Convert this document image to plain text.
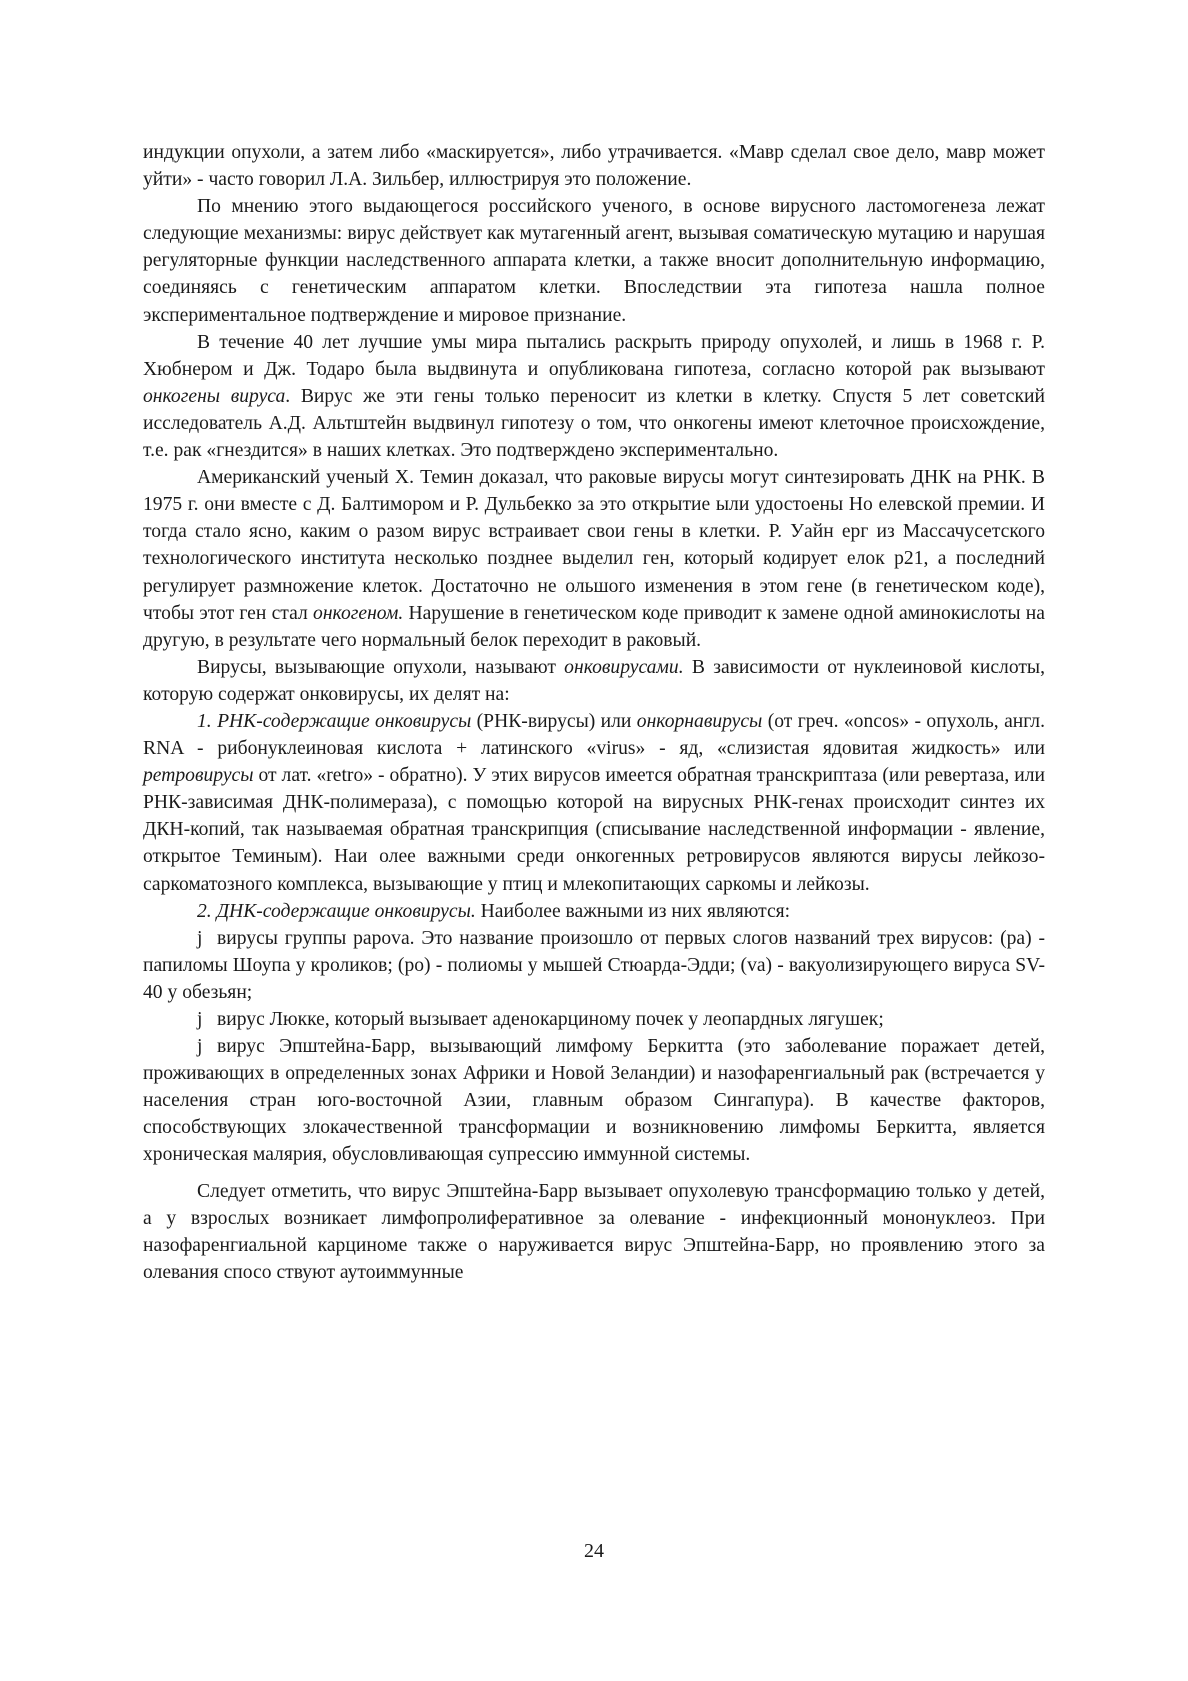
индукции опухоли, а затем либо «маскируется», либо утрачивается. «Мавр сделал свое дело, мавр может уйти» - часто говорил Л.А. Зильбер, иллюстрируя это положение.

По мнению этого выдающегося российского ученого, в основе вирусного ластомогенеза лежат следующие механизмы: вирус действует как мутагенный агент, вызывая соматическую мутацию и нарушая регуляторные функции наследственного аппарата клетки, а также вносит дополнительную информацию, соединяясь с генетическим аппаратом клетки. Впоследствии эта гипотеза нашла полное экспериментальное подтверждение и мировое признание.

В течение 40 лет лучшие умы мира пытались раскрыть природу опухолей, и лишь в 1968 г. Р. Хюбнером и Дж. Тодаро была выдвинута и опубликована гипотеза, согласно которой рак вызывают онкогены вируса. Вирус же эти гены только переносит из клетки в клетку. Спустя 5 лет советский исследователь А.Д. Альтштейн выдвинул гипотезу о том, что онкогены имеют клеточное происхождение, т.е. рак «гнездится» в наших клетках. Это подтверждено экспериментально.

Американский ученый Х. Темин доказал, что раковые вирусы могут синтезировать ДНК на РНК. В 1975 г. они вместе с Д. Балтимором и Р. Дульбекко за это открытие ыли удостоены Но елевской премии. И тогда стало ясно, каким о разом вирус встраивает свои гены в клетки. Р. Уайн ерг из Массачусетского технологического института несколько позднее выделил ген, который кодирует елок p21, а последний регулирует размножение клеток. Достаточно не ольшого изменения в этом гене (в генетическом коде), чтобы этот ген стал онкогеном. Нарушение в генетическом коде приводит к замене одной аминокислоты на другую, в результате чего нормальный белок переходит в раковый.

Вирусы, вызывающие опухоли, называют онковирусами. В зависимости от нуклеиновой кислоты, которую содержат онковирусы, их делят на:

1. РНК-содержащие онковирусы (РНК-вирусы) или онкорнавирусы (от греч. «oncos» - опухоль, англ. RNA - рибонуклеиновая кислота + латинского «virus» - яд, «слизистая ядовитая жидкость» или ретровирусы от лат. «retro» - обратно). У этих вирусов имеется обратная транскриптаза (или ревертаза, или РНК-зависимая ДНК-полимераза), с помощью которой на вирусных РНК-генах происходит синтез их ДКН-копий, так называемая обратная транскрипция (списывание наследственной информации - явление, открытое Теминым). Наи олее важными среди онкогенных ретровирусов являются вирусы лейкозо-саркоматозного комплекса, вызывающие у птиц и млекопитающих саркомы и лейкозы.

2. ДНК-содержащие онковирусы. Наиболее важными из них являются:

j вирусы группы papova. Это название произошло от первых слогов названий трех вирусов: (pa) - папиломы Шоупа у кроликов; (po) - полиомы у мышей Стюарда-Эдди; (va) - вакуолизирующего вируса SV-40 у обезьян;

j вирус Люкке, который вызывает аденокарциному почек у леопардных лягушек;

j вирус Эпштейна-Барр, вызывающий лимфому Беркитта (это заболевание поражает детей, проживающих в определенных зонах Африки и Новой Зеландии) и назофаренгиальный рак (встречается у населения стран юго-восточной Азии, главным образом Сингапура). В качестве факторов, способствующих злокачественной трансформации и возникновению лимфомы Беркитта, является хроническая малярия, обусловливающая супрессию иммунной системы.

Следует отметить, что вирус Эпштейна-Барр вызывает опухолевую трансформацию только у детей, а у взрослых возникает лимфопролиферативное за олевание - инфекционный мононуклеоз. При назофаренгиальной карциноме также о наруживается вирус Эпштейна-Барр, но проявлению этого за олевания спосо ствуют аутоиммунные

24
